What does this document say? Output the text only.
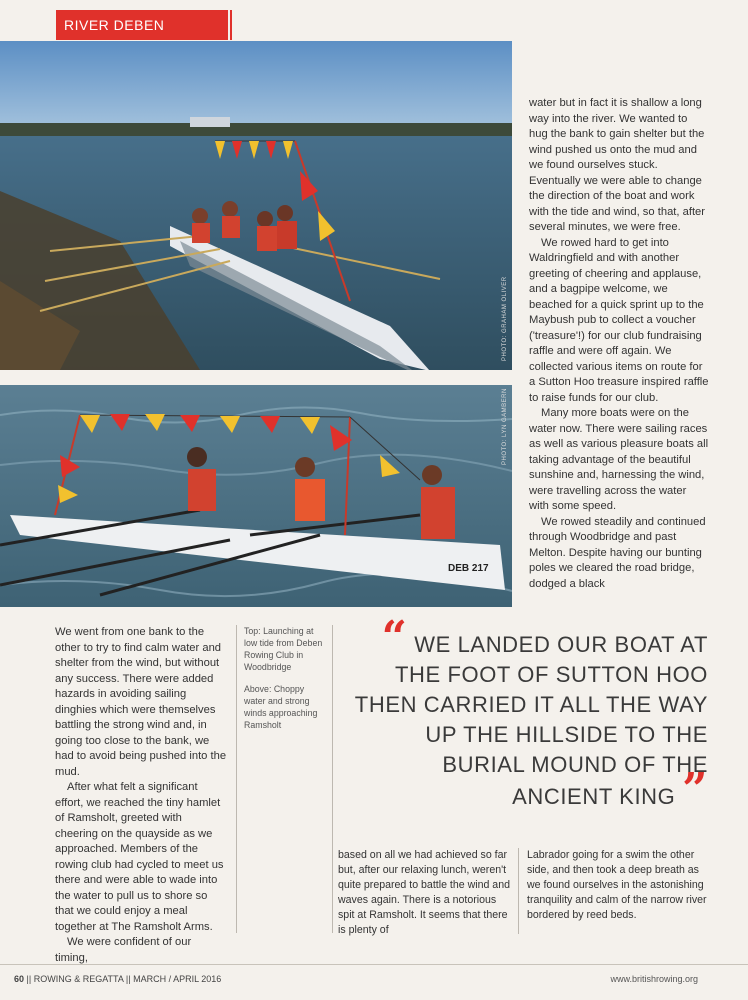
RIVER DEBEN
PHOTO: GRAHAM OLIVER
DEB 217
PHOTO: LYN GAMBERN

water but in fact it is shallow a long way into the river. We wanted to hug the bank to gain shelter but the wind pushed us onto the mud and we found ourselves stuck. Eventually we were able to change the direction of the boat and work with the tide and wind, so that, after several minutes, we were free.

We rowed hard to get into Waldringfield and with another greeting of cheering and applause, and a bagpipe welcome, we beached for a quick sprint up to the Maybush pub to collect a voucher ('treasure'!) for our club fundraising raffle and were off again. We collected various items on route for a Sutton Hoo treasure inspired raffle to raise funds for our club.

Many more boats were on the water now. There were sailing races as well as various pleasure boats all taking advantage of the beautiful sunshine and, harnessing the wind, were travelling across the water with some speed.

We rowed steadily and continued through Woodbridge and past Melton. Despite having our bunting poles we cleared the road bridge, dodged a black

We went from one bank to the other to try to find calm water and shelter from the wind, but without any success. There were added hazards in avoiding sailing dinghies which were themselves battling the strong wind and, in going too close to the bank, we had to avoid being pushed into the mud.

After what felt a significant effort, we reached the tiny hamlet of Ramsholt, greeted with cheering on the quayside as we approached. Members of the rowing club had cycled to meet us there and were able to wade into the water to pull us to shore so that we could enjoy a meal together at The Ramsholt Arms.

We were confident of our timing,

Top: Launching at low tide from Deben Rowing Club in Woodbridge

Above: Choppy water and strong winds approaching Ramsholt

“ WE LANDED OUR BOAT AT THE FOOT OF SUTTON HOO THEN CARRIED IT ALL THE WAY UP THE HILLSIDE TO THE BURIAL MOUND OF THE ANCIENT KING ”

based on all we had achieved so far but, after our relaxing lunch, weren't quite prepared to battle the wind and waves again. There is a notorious spit at Ramsholt. It seems that there is plenty of

Labrador going for a swim the other side, and then took a deep breath as we found ourselves in the astonishing tranquility and calm of the narrow river bordered by reed beds.

60 || ROWING & REGATTA || MARCH / APRIL 2016	www.britishrowing.org
